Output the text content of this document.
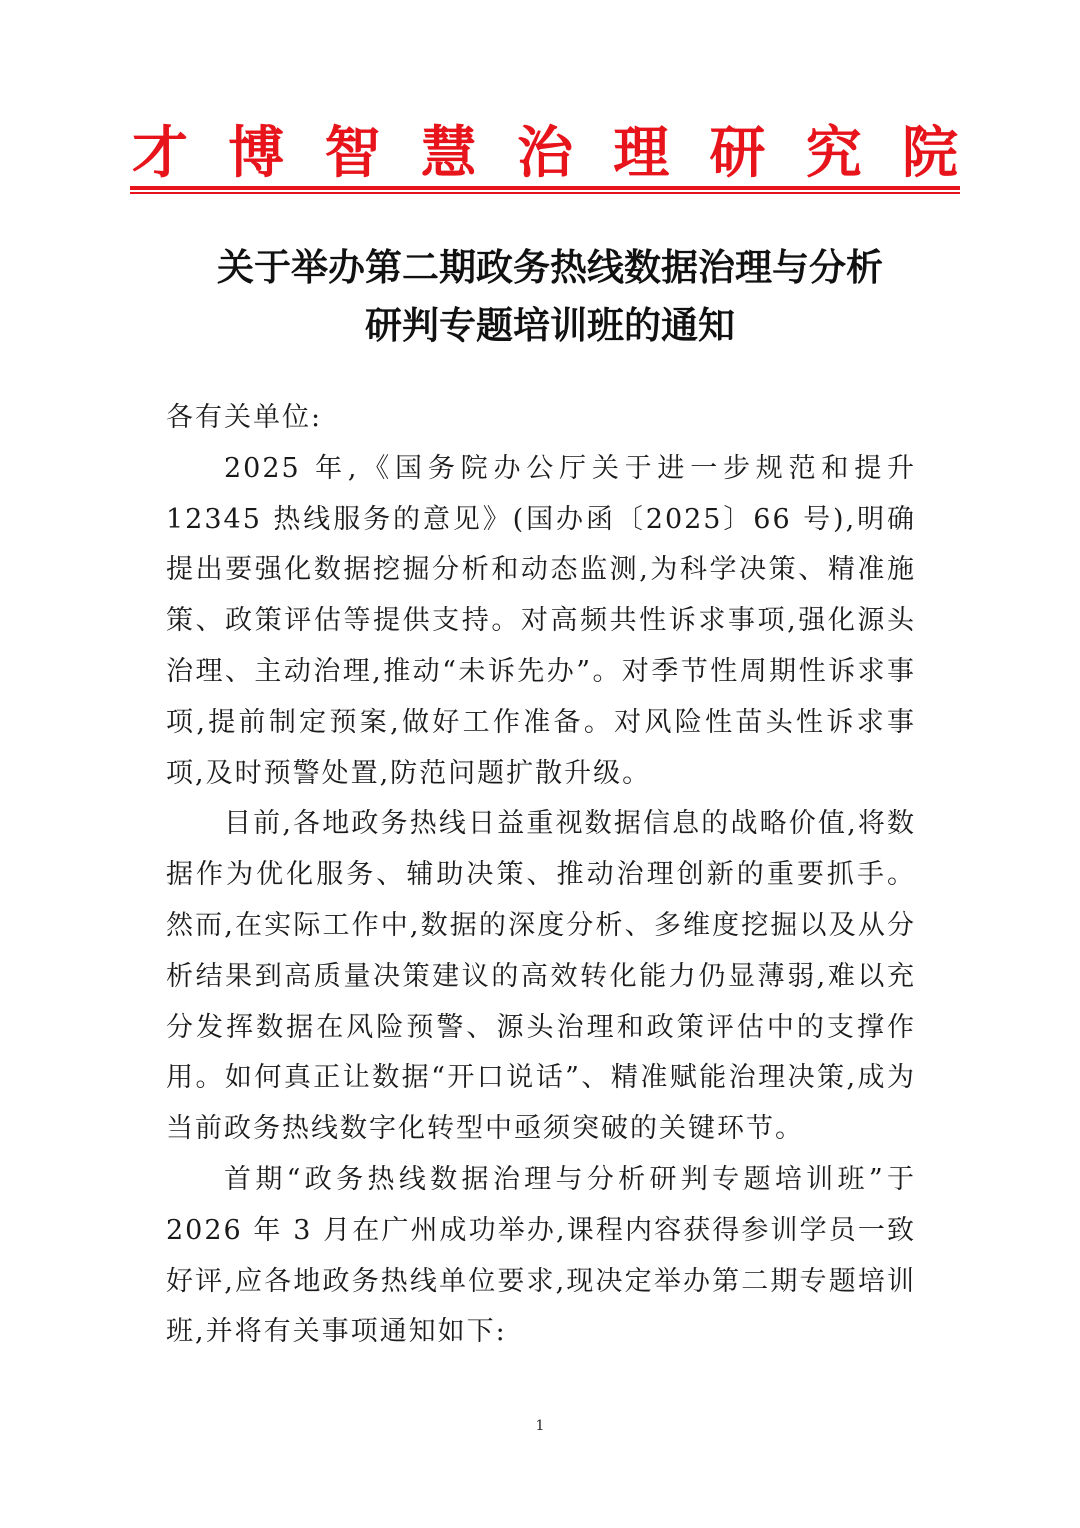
才 博 智 慧 治 理 研 究 院
关于举办第二期政务热线数据治理与分析
研判专题培训班的通知

各有关单位:

2025 年,《国务院办公厅关于进一步规范和提升 12345 热线服务的意见》(国办函〔2025〕66 号),明确提出要强化数据挖掘分析和动态监测,为科学决策、精准施策、政策评估等提供支持。对高频共性诉求事项,强化源头治理、主动治理,推动“未诉先办”。对季节性周期性诉求事项,提前制定预案,做好工作准备。对风险性苗头性诉求事项,及时预警处置,防范问题扩散升级。

目前,各地政务热线日益重视数据信息的战略价值,将数据作为优化服务、辅助决策、推动治理创新的重要抓手。然而,在实际工作中,数据的深度分析、多维度挖掘以及从分析结果到高质量决策建议的高效转化能力仍显薄弱,难以充分发挥数据在风险预警、源头治理和政策评估中的支撑作用。如何真正让数据“开口说话”、精准赋能治理决策,成为当前政务热线数字化转型中亟须突破的关键环节。

首期“政务热线数据治理与分析研判专题培训班”于 2026 年 3 月在广州成功举办,课程内容获得参训学员一致好评,应各地政务热线单位要求,现决定举办第二期专题培训班,并将有关事项通知如下:

1
